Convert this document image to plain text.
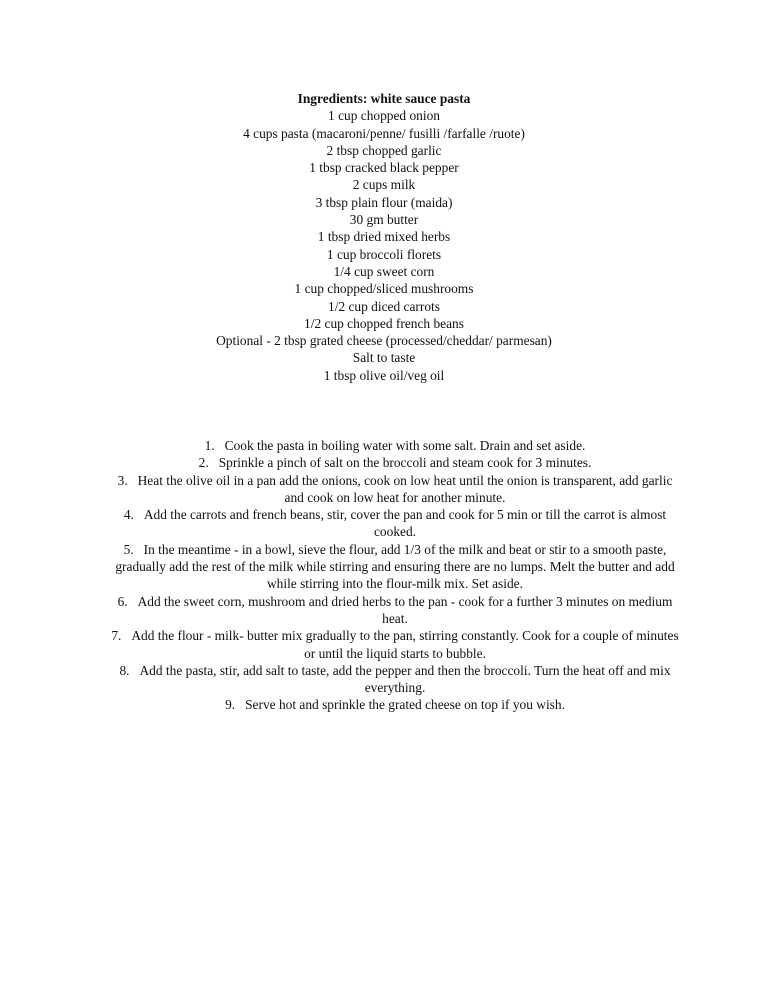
Ingredients: white sauce pasta
1 cup chopped onion
4 cups pasta (macaroni/penne/ fusilli /farfalle /ruote)
2 tbsp chopped garlic
1 tbsp cracked black pepper
2 cups milk
3 tbsp plain flour (maida)
30 gm butter
1 tbsp dried mixed herbs
1 cup broccoli florets
1/4 cup sweet corn
1 cup chopped/sliced mushrooms
1/2 cup diced carrots
1/2 cup chopped french beans
Optional - 2 tbsp grated cheese (processed/cheddar/ parmesan)
Salt to taste
1 tbsp olive oil/veg oil
1. Cook the pasta in boiling water with some salt. Drain and set aside.
2. Sprinkle a pinch of salt on the broccoli and steam cook for 3 minutes.
3. Heat the olive oil in a pan add the onions, cook on low heat until the onion is transparent, add garlic and cook on low heat for another minute.
4. Add the carrots and french beans, stir, cover the pan and cook for 5 min or till the carrot is almost cooked.
5. In the meantime - in a bowl, sieve the flour, add 1/3 of the milk and beat or stir to a smooth paste, gradually add the rest of the milk while stirring and ensuring there are no lumps. Melt the butter and add while stirring into the flour-milk mix. Set aside.
6. Add the sweet corn, mushroom and dried herbs to the pan - cook for a further 3 minutes on medium heat.
7. Add the flour - milk- butter mix gradually to the pan, stirring constantly. Cook for a couple of minutes or until the liquid starts to bubble.
8. Add the pasta, stir, add salt to taste, add the pepper and then the broccoli. Turn the heat off and mix everything.
9. Serve hot and sprinkle the grated cheese on top if you wish.
